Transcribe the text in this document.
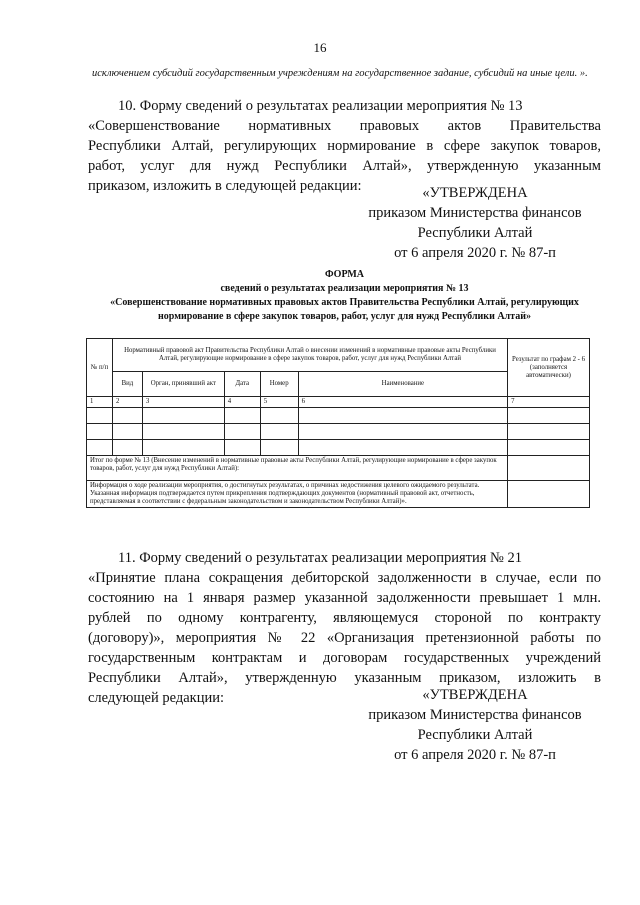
16
исключением субсидий государственным учреждениям на государственное задание, субсидий на иные цели. ».
10. Форму сведений о результатах реализации мероприятия № 13
«Совершенствование нормативных правовых актов Правительства
Республики Алтай, регулирующих нормирование в сфере закупок товаров,
работ, услуг для нужд Республики Алтай», утвержденную указанным
приказом, изложить в следующей редакции:	«УТВЕРЖДЕНА
приказом Министерства финансов
Республики Алтай
от 6 апреля 2020 г. № 87-п
ФОРМА
сведений о результатах реализации мероприятия № 13
«Совершенствование нормативных правовых актов Правительства Республики Алтай, регулирующих нормирование в сфере закупок товаров, работ, услуг для нужд Республики Алтай»
№ п/п	Нормативный правовой акт Правительства Республики Алтай о внесении изменений в нормативные правовые акты Республики Алтай, регулирующие нормирование в сфере закупок товаров, работ, услуг для нужд Республики Алтай					Результат по графам 2 - 6 (заполняется автоматически)
	Вид	Орган, принявший акт	Дата	Номер	Наименование	
1	2	3	4	5	6	7

Итог по форме № 13 (Внесение изменений в нормативные правовые акты Республики Алтай, регулирующие нормирование в сфере закупок товаров, работ, услуг для нужд Республики Алтай):						

Информация о ходе реализации мероприятия, о достигнутых результатах, о причинах недостижения целевого ожидаемого результата.
Указанная информация подтверждается путем прикрепления подтверждающих документов (нормативный правовой акт, отчетность, представляемая в соответствии с федеральным законодательством и законодательством Республики Алтай)».						

11. Форму сведений о результатах реализации мероприятия № 21
«Принятие плана сокращения дебиторской задолженности в случае, если по
состоянию на 1 января размер указанной задолженности превышает 1 млн.
рублей по одному контрагенту, являющемуся стороной по контракту
(договору)», мероприятия № 22 «Организация претензионной работы по
государственным контрактам и договорам государственных учреждений
Республики Алтай», утвержденную указанным приказом, изложить в
следующей редакции:	«УТВЕРЖДЕНА
приказом Министерства финансов
Республики Алтай
от 6 апреля 2020 г. № 87-п
